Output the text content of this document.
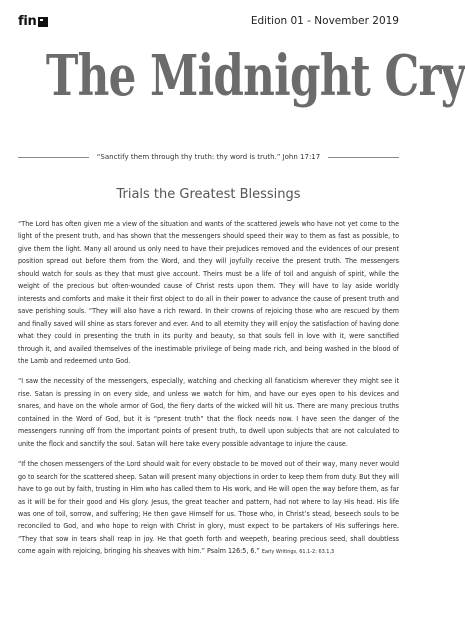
fin	Edition 01 - November 2019
The Midnight Cry
“Sanctify them through thy truth: thy word is truth.” John 17:17
Trials the Greatest Blessings

“The Lord has often given me a view of the situation and wants of the scattered jewels who have not yet come to the light of the present truth, and has shown that the messengers should speed their way to them as fast as possible, to give them the light. Many all around us only need to have their prejudices removed and the evidences of our present position spread out before them from the Word, and they will joyfully receive the present truth. The messengers should watch for souls as they that must give account. Theirs must be a life of toil and anguish of spirit, while the weight of the precious but often-wounded cause of Christ rests upon them. They will have to lay aside worldly interests and comforts and make it their first object to do all in their power to advance the cause of present truth and save perishing souls. “They will also have a rich reward. In their crowns of rejoicing those who are rescued by them and finally saved will shine as stars forever and ever. And to all eternity they will enjoy the satisfaction of having done what they could in presenting the truth in its purity and beauty, so that souls fell in love with it, were sanctified through it, and availed themselves of the inestimable privilege of being made rich, and being washed in the blood of the Lamb and redeemed unto God.

“I saw the necessity of the messengers, especially, watching and checking all fanaticism wherever they might see it rise. Satan is pressing in on every side, and unless we watch for him, and have our eyes open to his devices and snares, and have on the whole armor of God, the fiery darts of the wicked will hit us. There are many precious truths contained in the Word of God, but it is “present truth” that the flock needs now. I have seen the danger of the messengers running off from the important points of present truth, to dwell upon subjects that are not calculated to unite the flock and sanctify the soul. Satan will here take every possible advantage to injure the cause.

“If the chosen messengers of the Lord should wait for every obstacle to be moved out of their way, many never would go to search for the scattered sheep. Satan will present many objections in order to keep them from duty. But they will have to go out by faith, trusting in Him who has called them to His work, and He will open the way before them, as far as it will be for their good and His glory. Jesus, the great teacher and pattern, had not where to lay His head. His life was one of toil, sorrow, and suffering; He then gave Himself for us. Those who, in Christ’s stead, beseech souls to be reconciled to God, and who hope to reign with Christ in glory, must expect to be partakers of His sufferings here. “They that sow in tears shall reap in joy. He that goeth forth and weepeth, bearing precious seed, shall doubtless come again with rejoicing, bringing his sheaves with him.” Psalm 126:5, 6.” Early Writings, 61.1-2; 63.1,3
